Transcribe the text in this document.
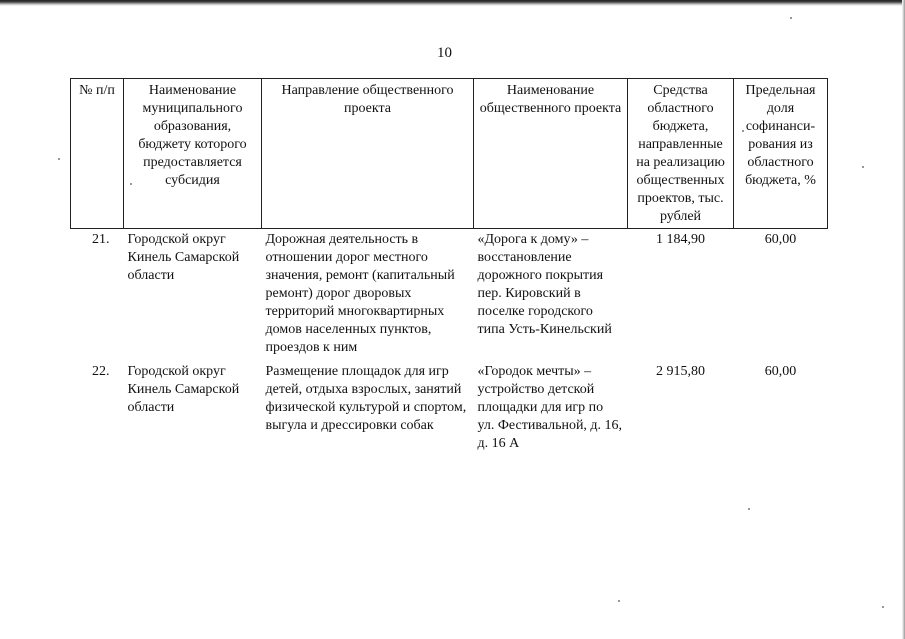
10
№ п/п	Наименование муниципального образования, бюджету которого предоставляется субсидия	Направление общественного проекта	Наименование общественного проекта	Средства областного бюджета, направленные на реализацию общественных проектов, тыс. рублей	Предельная доля софинанси-рования из областного бюджета, %
21.	Городской округ Кинель Самарской области	Дорожная деятельность в отношении дорог местного значения, ремонт (капитальный ремонт) дорог дворовых территорий многоквартирных домов населенных пунктов, проездов к ним	«Дорога к дому» – восстановление дорожного покрытия пер. Кировский в поселке городского типа Усть-Кинельский	1 184,90	60,00
22.	Городской округ Кинель Самарской области	Размещение площадок для игр детей, отдыха взрослых, занятий физической культурой и спортом, выгула и дрессировки собак	«Городок мечты» – устройство детской площадки для игр по ул. Фестивальной, д. 16, д. 16 А	2 915,80	60,00
